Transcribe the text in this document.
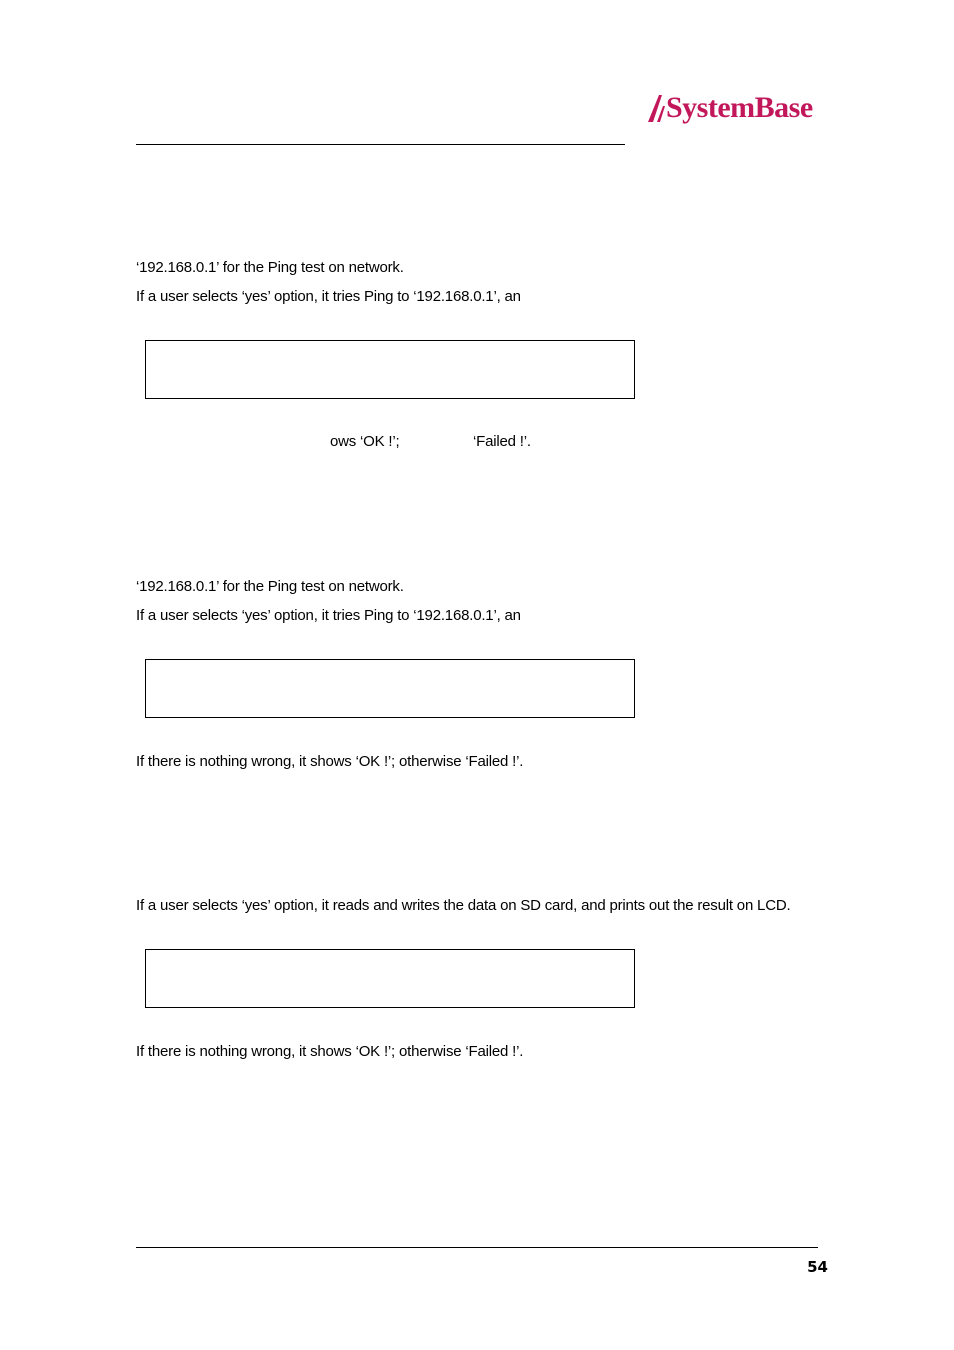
SystemBase
‘192.168.0.1’ for the Ping test on network.
If a user selects ‘yes’ option, it tries Ping to ‘192.168.0.1’, an
ows ‘OK !’;	‘Failed !’.
‘192.168.0.1’ for the Ping test on network.
If a user selects ‘yes’ option, it tries Ping to ‘192.168.0.1’, an
If there is nothing wrong, it shows ‘OK !’; otherwise ‘Failed !’.
If a user selects ‘yes’ option, it reads and writes the data on SD card, and prints out the result on LCD.
If there is nothing wrong, it shows ‘OK !’; otherwise ‘Failed !’.
54
